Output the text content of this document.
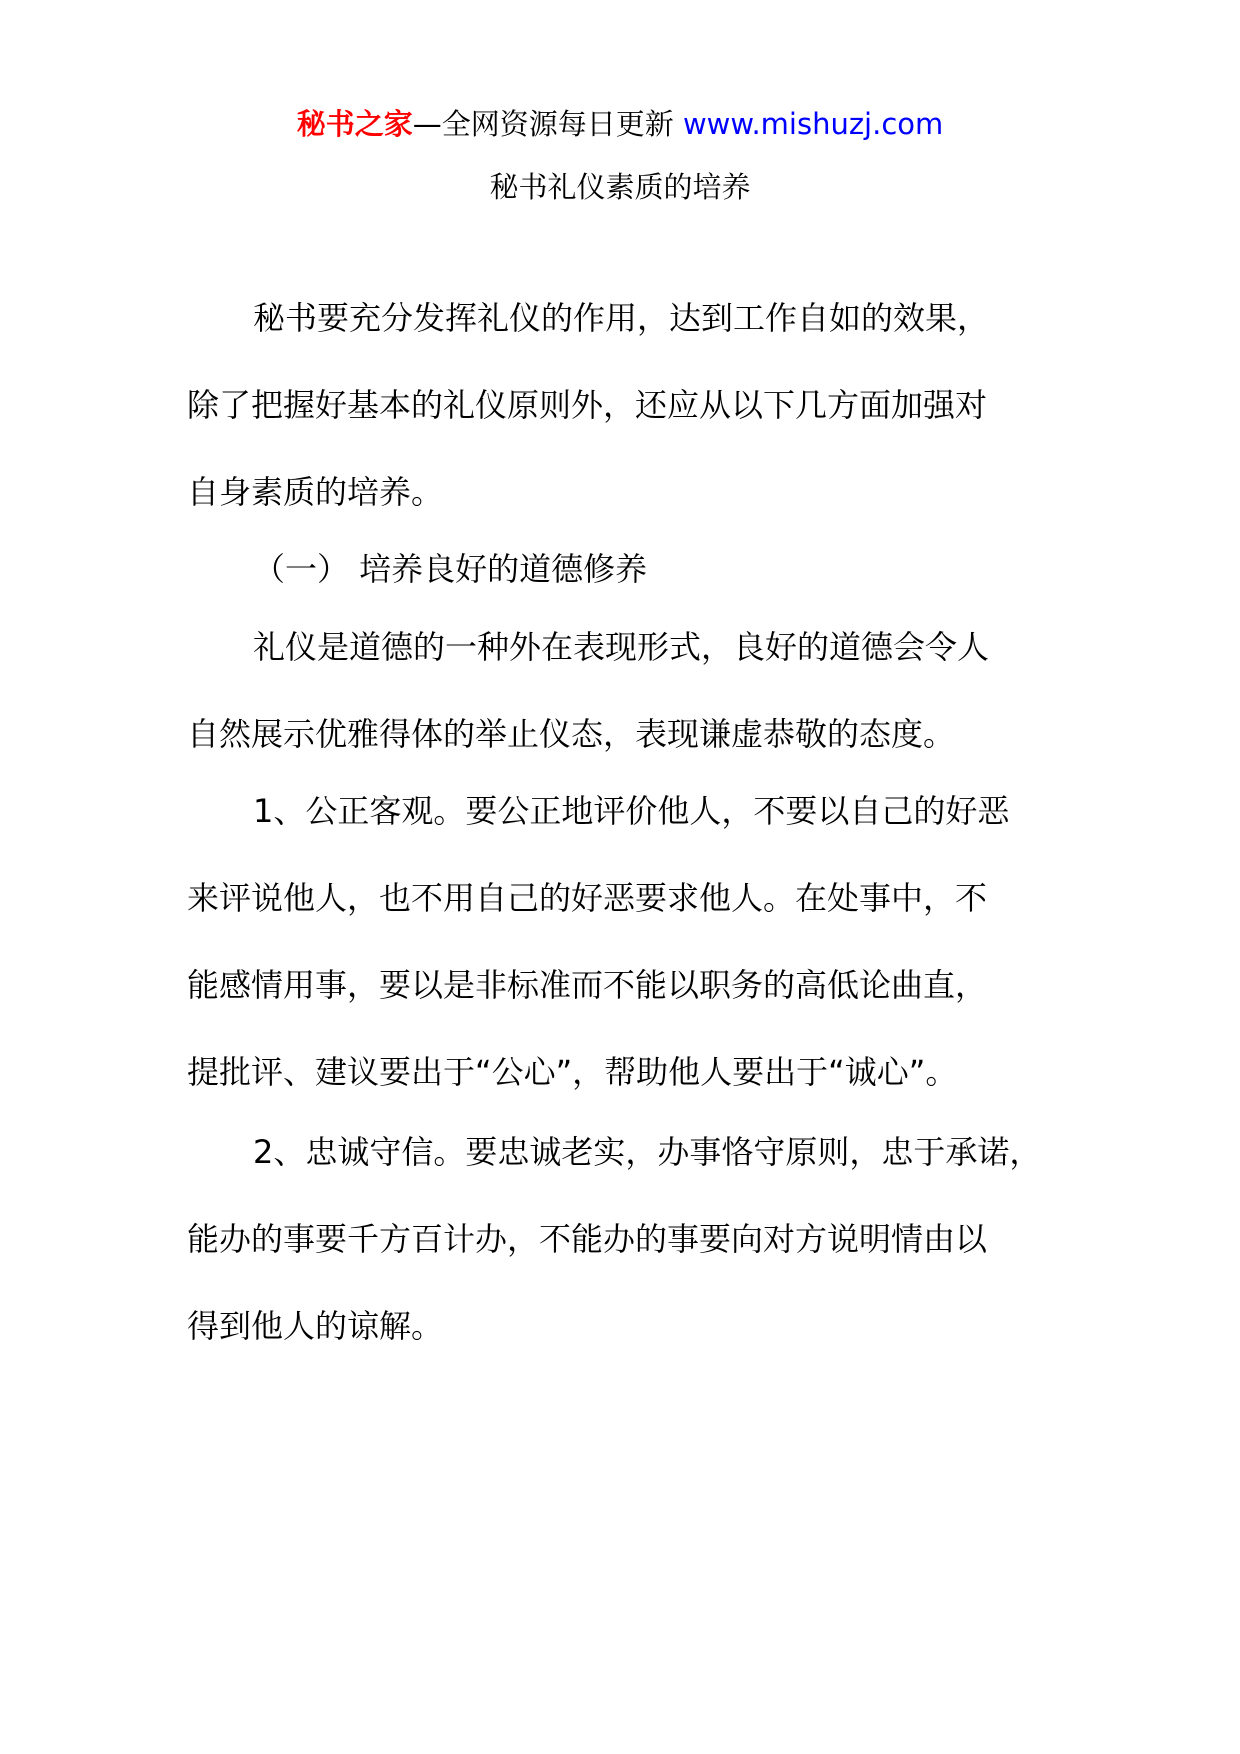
秘书之家—全网资源每日更新 www.mishuzj.com
秘书礼仪素质的培养
秘书要充分发挥礼仪的作用，达到工作自如的效果，
除了把握好基本的礼仪原则外，还应从以下几方面加强对
自身素质的培养。
（一） 培养良好的道德修养
礼仪是道德的一种外在表现形式，良好的道德会令人
自然展示优雅得体的举止仪态，表现谦虚恭敬的态度。
1、公正客观。要公正地评价他人，不要以自己的好恶
来评说他人，也不用自己的好恶要求他人。在处事中，不
能感情用事，要以是非标准而不能以职务的高低论曲直，
提批评、建议要出于“公心”，帮助他人要出于“诚心”。
2、忠诚守信。要忠诚老实，办事恪守原则，忠于承诺，
能办的事要千方百计办，不能办的事要向对方说明情由以
得到他人的谅解。
